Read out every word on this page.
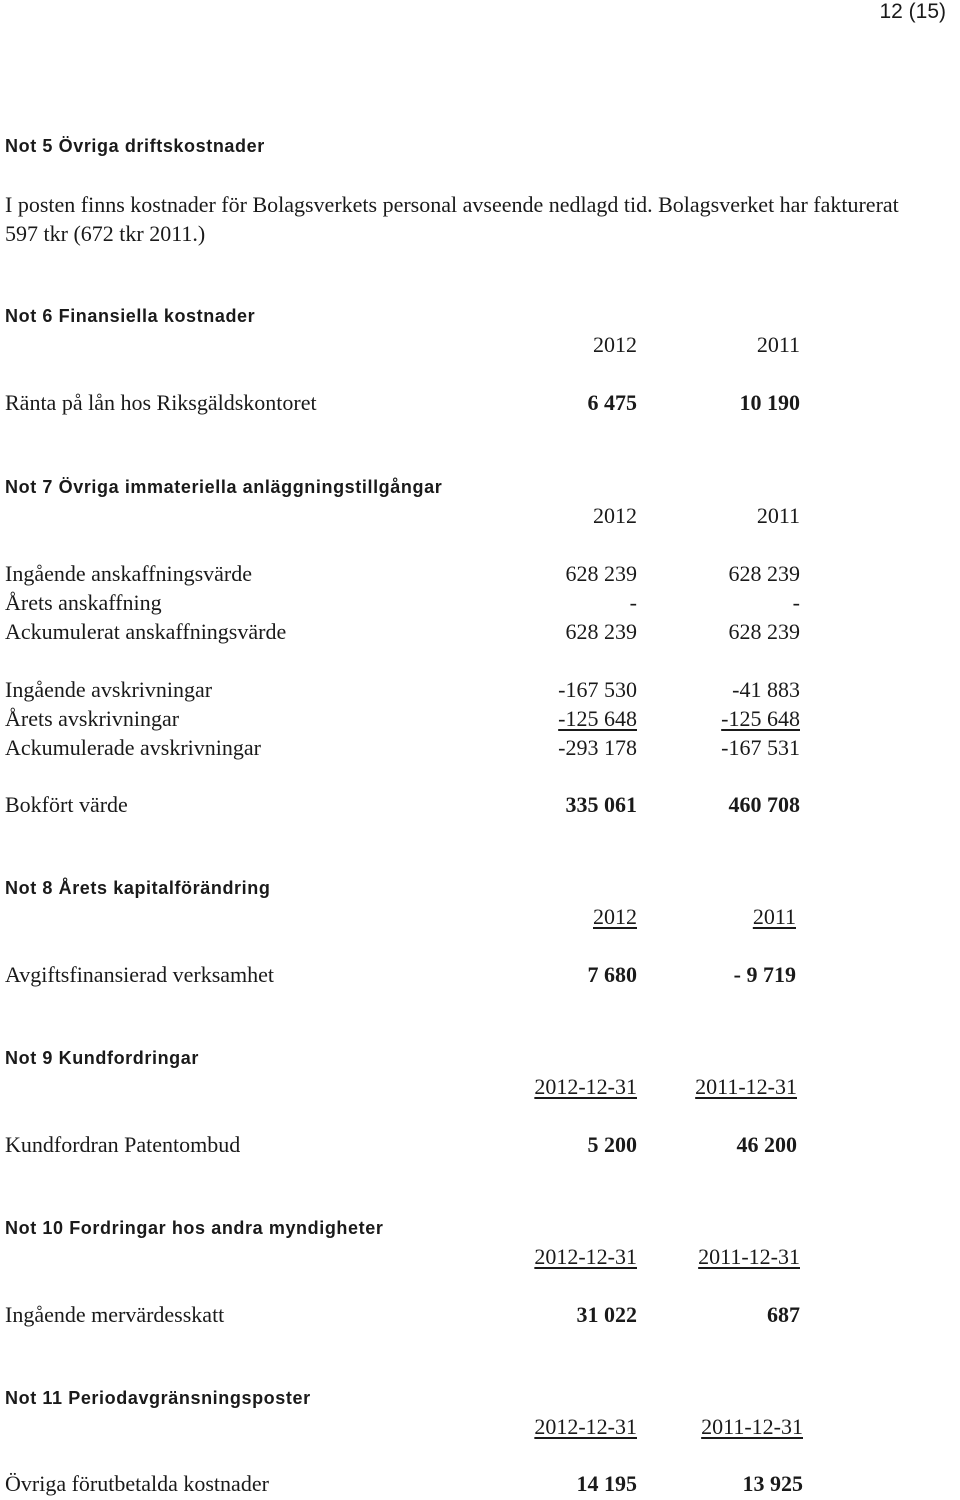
12 (15)
Not 5 Övriga driftskostnader
I posten finns kostnader för Bolagsverkets personal avseende nedlagd tid. Bolagsverket har fakturerat 597 tkr (672 tkr 2011.)
Not 6 Finansiella kostnader
2012	2011
Ränta på lån hos Riksgäldskontoret	6 475	10 190
Not 7 Övriga immateriella anläggningstillgångar
2012	2011
Ingående anskaffningsvärde	628 239	628 239
Årets anskaffning	-	-
Ackumulerat anskaffningsvärde	628 239	628 239
Ingående avskrivningar	-167 530	-41 883
Årets avskrivningar	-125 648	-125 648
Ackumulerade avskrivningar	-293 178	-167 531
Bokfört värde	335 061	460 708
Not 8 Årets kapitalförändring
2012	2011
Avgiftsfinansierad verksamhet	7 680	- 9 719
Not 9 Kundfordringar
2012-12-31	2011-12-31
Kundfordran Patentombud	5 200	46 200
Not 10 Fordringar hos andra myndigheter
2012-12-31	2011-12-31
Ingående mervärdesskatt	31 022	687
Not 11 Periodavgränsningsposter
2012-12-31	2011-12-31
Övriga förutbetalda kostnader	14 195	13 925
